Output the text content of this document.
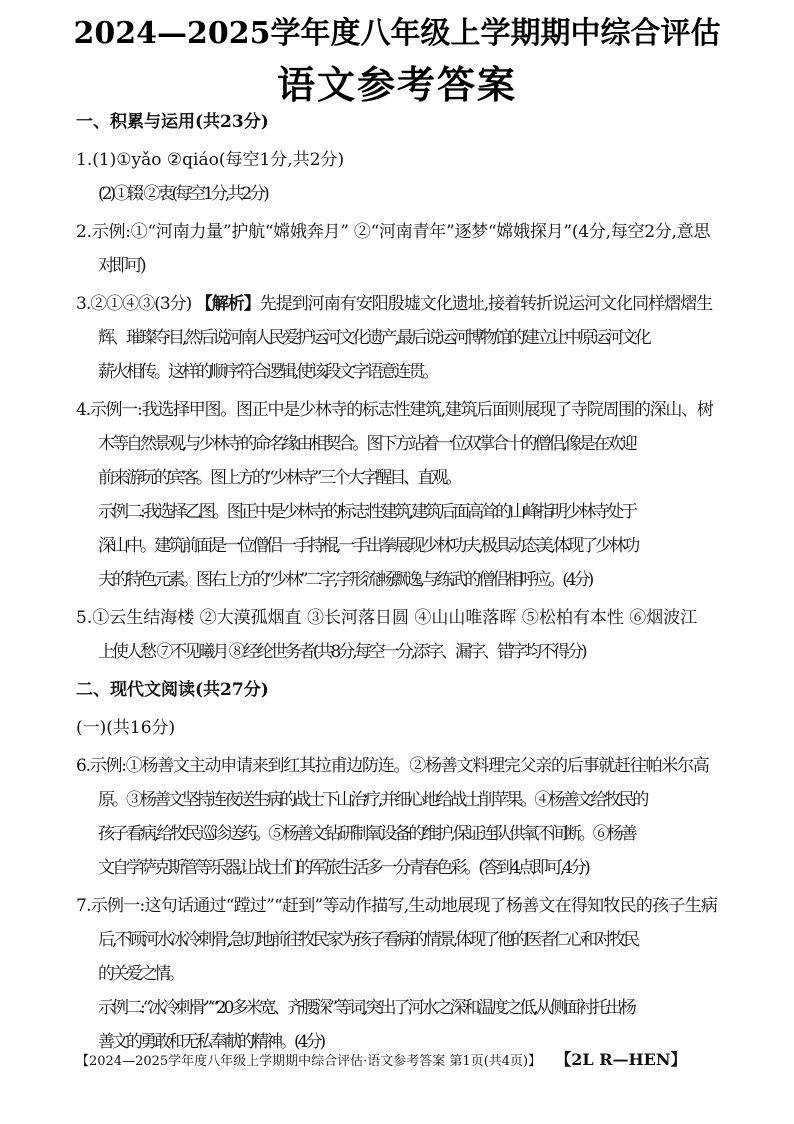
2024—2025学年度八年级上学期期中综合评估
语文参考答案

一、积累与运用(共23分)

1.(1)①yǎo ②qiáo(每空1分,共2分)

(2)①辍 ②衷(每空1分,共2分)

2.示例:①“河南力量”护航“嫦娥奔月” ②“河南青年”逐梦“嫦娥探月”(4分,每空2分,意思

对即可)

3.②①④③(3分) 【解析】先提到河南有安阳殷墟文化遗址,接着转折说运河文化同样熠熠生

辉、璀璨夺目,然后说河南人民爱护运河文化遗产,最后说运河博物馆的建立让中原运河文化

薪火相传。这样的顺序符合逻辑,使该段文字语意连贯。

4.示例一:我选择甲图。图正中是少林寺的标志性建筑,建筑后面则展现了寺院周围的深山、树

木等自然景观,与少林寺的命名缘由相契合。图下方站着一位双掌合十的僧侣,像是在欢迎

前来游玩的宾客。图上方的“少林寺”三个大字醒目、直观。

示例二:我选择乙图。图正中是少林寺的标志性建筑,建筑后面高耸的山峰指明少林寺处于

深山中。建筑前面是一位僧侣一手持棍,一手出拳展现少林功夫,极具动态美,体现了少林功

夫的特色元素。图右上方的“少林”二字,字形流畅飘逸,与练武的僧侣相呼应。(4分)

5.①云生结海楼 ②大漠孤烟直 ③长河落日圆 ④山山唯落晖 ⑤松柏有本性 ⑥烟波江

上使人愁 ⑦不见曦月 ⑧经纶世务者(共8分,每空一分,添字、漏字、错字均不得分)

二、现代文阅读(共27分)

(一)(共16分)

6.示例:①杨善文主动申请来到红其拉甫边防连。②杨善文料理完父亲的后事就赶往帕米尔高

原。③杨善文坚持连夜送生病的战士下山治疗,并细心地给战士削苹果。④杨善文给牧民的

孩子看病,给牧民巡诊送药。⑤杨善文钻研制氧设备的维护,保证连队供氧不间断。⑥杨善

文自学萨克斯管等乐器,让战士们的军旅生活多一分青春色彩。(答到4点即可,4分)

7.示例一:这句话通过“蹚过”“赶到”等动作描写,生动地展现了杨善文在得知牧民的孩子生病

后,不顾河水冰冷刺骨,急切地前往牧民家为孩子看病的情景,体现了他的医者仁心和对牧民

的关爱之情。

示例二:“冰冷刺骨”“20多米宽、齐腰深”等词,突出了河水之深和温度之低,从侧面衬托出杨

善文的勇敢和无私奉献的精神。(4分)

【2024—2025学年度八年级上学期期中综合评估·语文参考答案 第1页(共4页)】 【2L R—HEN】
